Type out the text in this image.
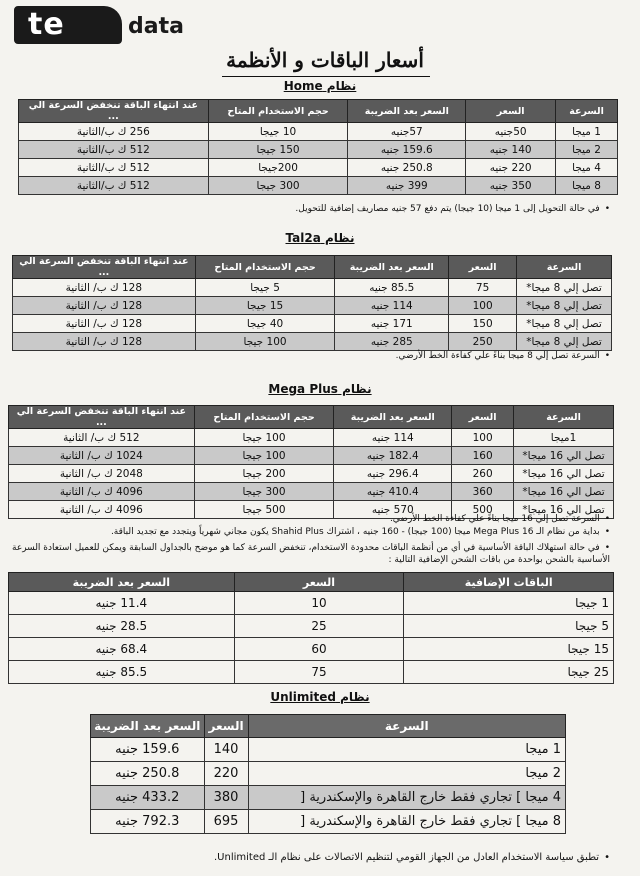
te	data
أسعار الباقات و الأنظمة
نظام Home
السرعة	السعر	السعر بعد الضريبة	حجم الاستخدام المتاح	عند انتهاء الباقة تنخفض السرعة الي ...
1 ميجا	50جنيه	57جنيه	10 جيجا	256 ك ب/الثانية
2 ميجا	140 جنيه	159.6 جنيه	150 جيجا	512 ك ب/الثانية
4 ميجا	220 جنيه	250.8 جنيه	200جيجا	512 ك ب/الثانية
8 ميجا	350 جنيه	399 جنيه	300 جيجا	512 ك ب/الثانية
• في حالة التحويل إلى 1 ميجا (10 جيجا) يتم دفع 57 جنيه مصاريف إضافية للتحويل.
نظام Tal2a
السرعة	السعر	السعر بعد الضريبة	حجم الاستخدام المتاح	عند انتهاء الباقة تنخفض السرعة الي ...
تصل إلي 8 ميجا*	75	85.5 جنيه	5 جيجا	128 ك ب/ الثانية
تصل إلي 8 ميجا*	100	114 جنيه	15 جيجا	128 ك ب/ الثانية
تصل إلي 8 ميجا*	150	171 جنيه	40 جيجا	128 ك ب/ الثانية
تصل إلي 8 ميجا*	250	285 جنيه	100 جيجا	128 ك ب/ الثانية
• السرعة تصل إلي 8 ميجا بناءً علي كفاءة الخط الأرضي.
نظام Mega Plus
السرعة	السعر	السعر بعد الضريبة	حجم الاستخدام المتاح	عند انتهاء الباقة تنخفض السرعة الي ...
1ميجا	100	114 جنيه	100 جيجا	512 ك ب/ الثانية
تصل الي 16 ميجا*	160	182.4 جنيه	100 جيجا	1024 ك ب/ الثانية
تصل الي 16 ميجا*	260	296.4 جنيه	200 جيجا	2048 ك ب/ الثانية
تصل الي 16 ميجا*	360	410.4 جنيه	300 جيجا	4096 ك ب/ الثانية
تصل الي 16 ميجا*	500	570 جنيه	500 جيجا	4096 ك ب/ الثانية
• السرعة تصل إلي 16 ميجا بناءً علي كفاءة الخط الأرضي.
• بداية من نظام الـ Mega Plus 16 ميجا (100 جيجا) - 160 جنيه ، اشتراك Shahid Plus يكون مجاني شهرياً ويتجدد مع تجديد الباقة.
• في حالة استهلاك الباقة الأساسية في أي من أنظمة الباقات محدودة الاستخدام، تنخفض السرعة كما هو موضح بالجداول السابقة ويمكن للعميل استعادة السرعة الأساسية بالشحن بواحدة من باقات الشحن الإضافية التالية :
الباقات الإضافية	السعر	السعر بعد الضريبة
1 جيجا	10	11.4 جنيه
5 جيجا	25	28.5 جنيه
15 جيجا	60	68.4 جنيه
25 جيجا	75	85.5 جنيه
نظام Unlimited
السرعة	السعر	السعر بعد الضريبة
1 ميجا	140	159.6 جنيه
2 ميجا	220	250.8 جنيه
4 ميجا ] تجاري فقط خارج القاهرة والإسكندرية [	380	433.2 جنيه
8 ميجا ] تجاري فقط خارج القاهرة والإسكندرية [	695	792.3 جنيه
• تطبق سياسة الاستخدام العادل من الجهاز القومي لتنظيم الاتصالات على نظام الـ Unlimited.
